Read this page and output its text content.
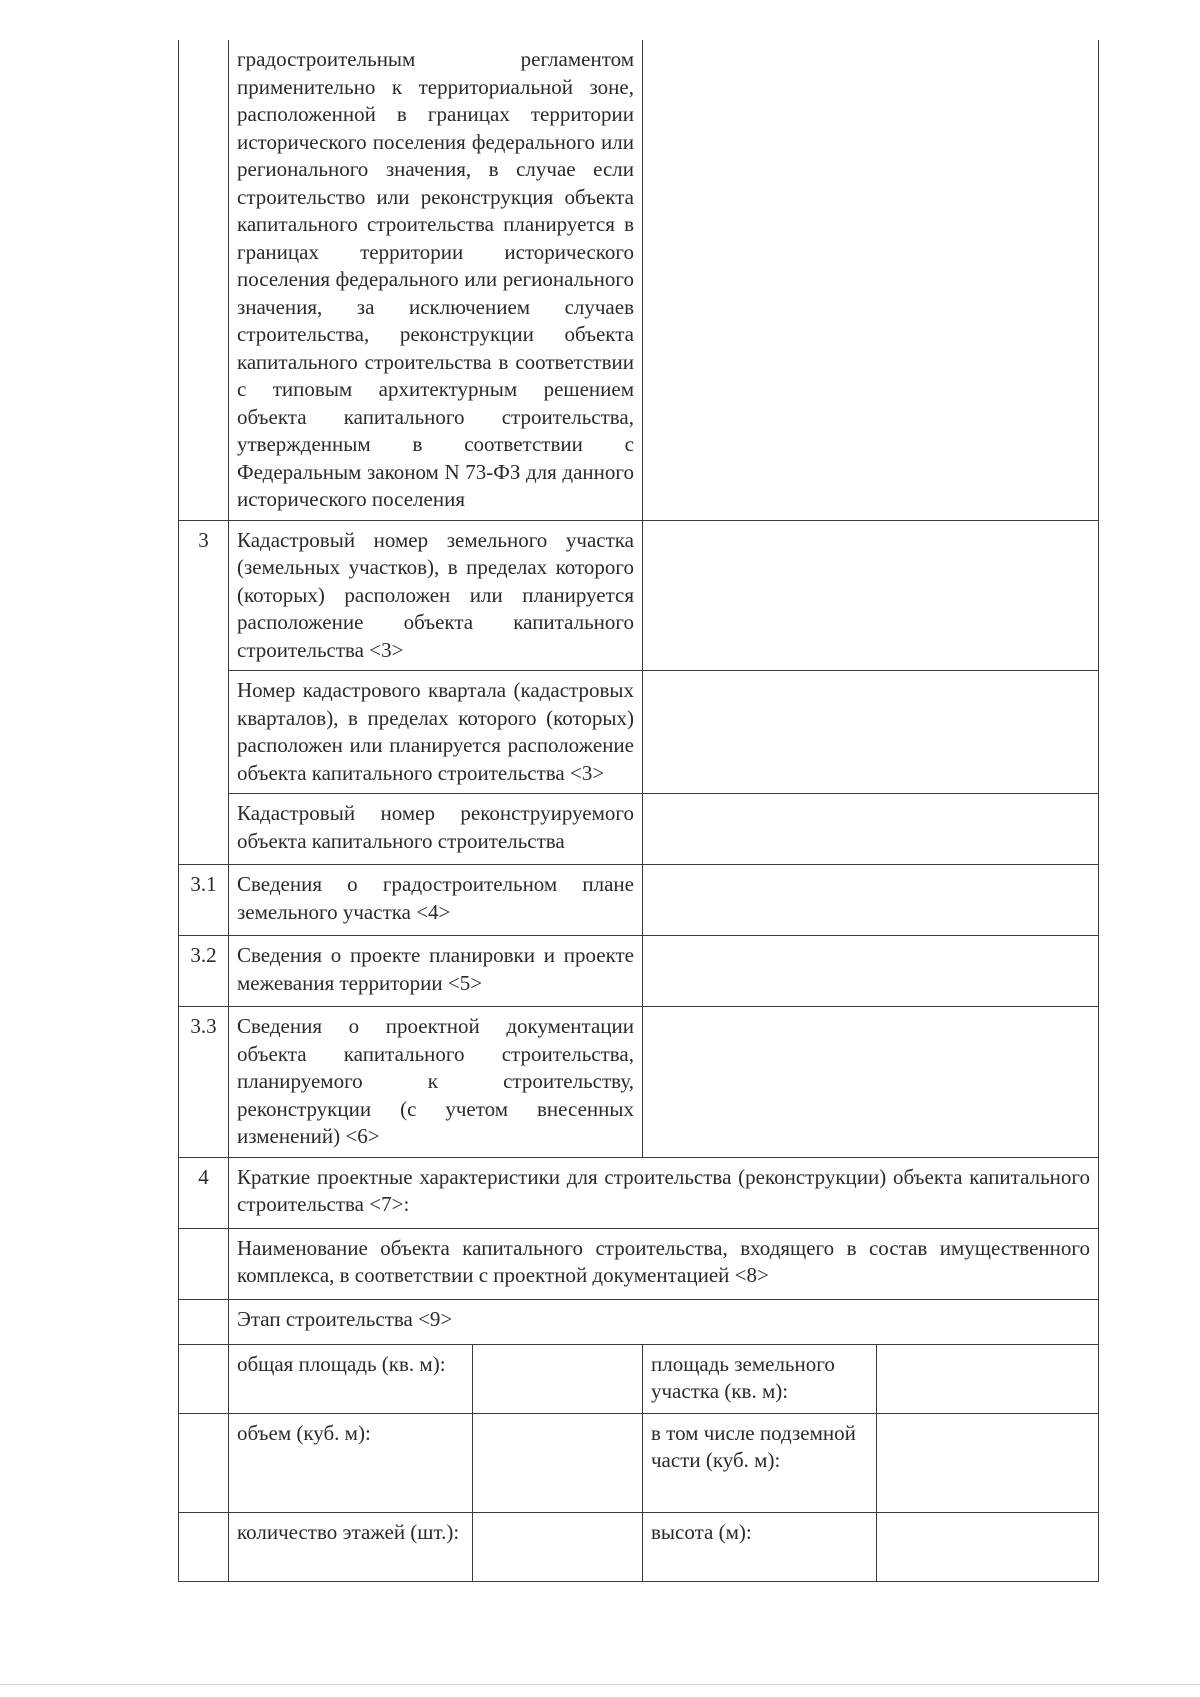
	градостроительным регламентом применительно к территориальной зоне, расположенной в границах территории исторического поселения федерального или регионального значения, в случае если строительство или реконструкция объекта капитального строительства планируется в границах территории исторического поселения федерального или регионального значения, за исключением случаев строительства, реконструкции объекта капитального строительства в соответствии с типовым архитектурным решением объекта капитального строительства, утвержденным в соответствии с Федеральным законом N 73-ФЗ для данного исторического поселения			
3	Кадастровый номер земельного участка (земельных участков), в пределах которого (которых) расположен или планируется расположение объекта капитального строительства <3>			
	Номер кадастрового квартала (кадастровых кварталов), в пределах которого (которых) расположен или планируется расположение объекта капитального строительства <3>			
	Кадастровый номер реконструируемого объекта капитального строительства			
3.1	Сведения о градостроительном плане земельного участка <4>			
3.2	Сведения о проекте планировки и проекте межевания территории <5>			
3.3	Сведения о проектной документации объекта капитального строительства, планируемого к строительству, реконструкции (с учетом внесенных изменений) <6>			
4	Краткие проектные характеристики для строительства (реконструкции) объекта капитального строительства <7>:			
	Наименование объекта капитального строительства, входящего в состав имущественного комплекса, в соответствии с проектной документацией <8>			
	Этап строительства <9>			
	общая площадь (кв. м):		площадь земельного участка (кв. м):	
	объем (куб. м):		в том числе подземной части (куб. м):	
	количество этажей (шт.):		высота (м):	
